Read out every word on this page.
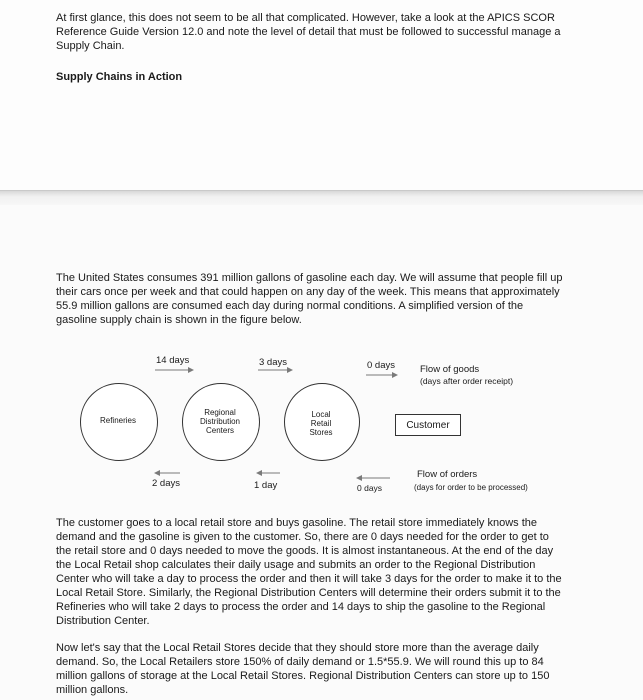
At first glance, this does not seem to be all that complicated. However, take a look at the APICS SCOR

Reference Guide Version 12.0 and note the level of detail that must be followed to successful manage a

Supply Chain.

Supply Chains in Action

The United States consumes 391 million gallons of gasoline each day. We will assume that people fill up

their cars once per week and that could happen on any day of the week. This means that approximately

55.9 million gallons are consumed each day during normal conditions. A simplified version of the

gasoline supply chain is shown in the figure below.

14 days	3 days	0 days	Flow of goods
(days after order receipt)
Refineries
Regional
Distribution
Centers
Local
Retail
Stores
Customer
2 days	1 day	0 days
Flow of orders
(days for order to be processed)

The customer goes to a local retail store and buys gasoline. The retail store immediately knows the

demand and the gasoline is given to the customer. So, there are 0 days needed for the order to get to

the retail store and 0 days needed to move the goods. It is almost instantaneous. At the end of the day

the Local Retail shop calculates their daily usage and submits an order to the Regional Distribution

Center who will take a day to process the order and then it will take 3 days for the order to make it to the

Local Retail Store. Similarly, the Regional Distribution Centers will determine their orders submit it to the

Refineries who will take 2 days to process the order and 14 days to ship the gasoline to the Regional

Distribution Center.

Now let's say that the Local Retail Stores decide that they should store more than the average daily

demand. So, the Local Retailers store 150% of daily demand or 1.5*55.9. We will round this up to 84

million gallons of storage at the Local Retail Stores. Regional Distribution Centers can store up to 150

million gallons.
